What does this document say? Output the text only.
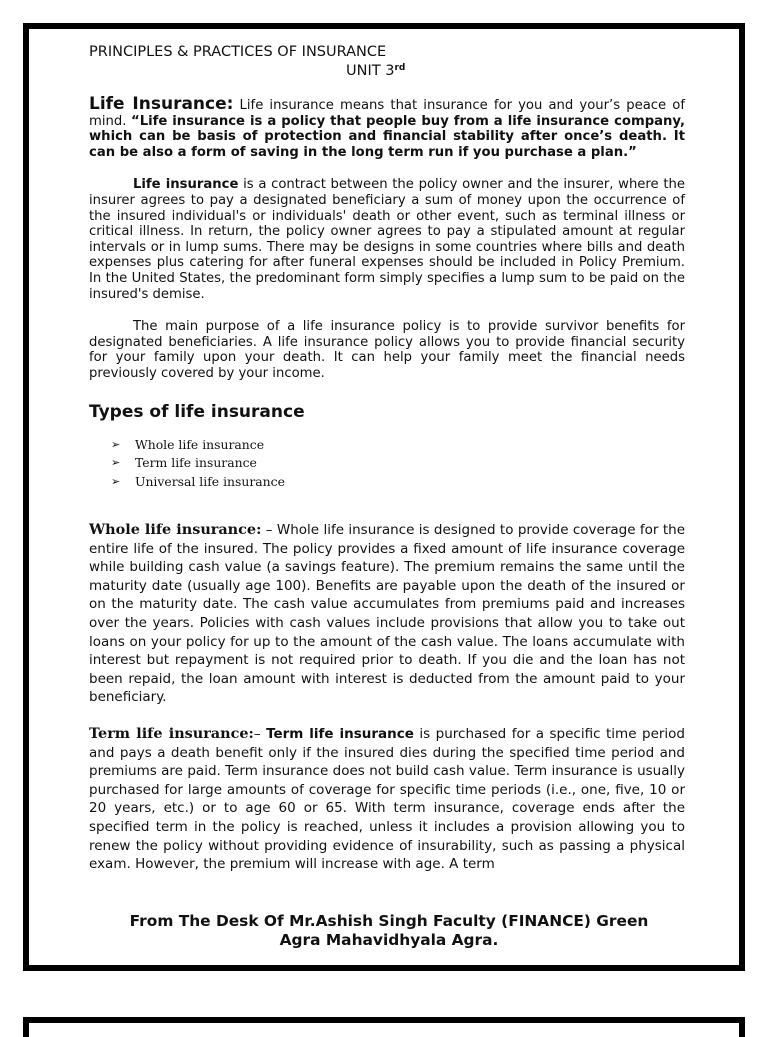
PRINCIPLES & PRACTICES OF INSURANCE
UNIT 3rd
Life Insurance: Life insurance means that insurance for you and your’s peace of mind. “Life insurance is a policy that people buy from a life insurance company, which can be basis of protection and financial stability after once’s death. It can be also a form of saving in the long term run if you purchase a plan.”
Life insurance is a contract between the policy owner and the insurer, where the insurer agrees to pay a designated beneficiary a sum of money upon the occurrence of the insured individual's or individuals' death or other event, such as terminal illness or critical illness. In return, the policy owner agrees to pay a stipulated amount at regular intervals or in lump sums. There may be designs in some countries where bills and death expenses plus catering for after funeral expenses should be included in Policy Premium. In the United States, the predominant form simply specifies a lump sum to be paid on the insured's demise.
The main purpose of a life insurance policy is to provide survivor benefits for designated beneficiaries. A life insurance policy allows you to provide financial security for your family upon your death. It can help your family meet the financial needs previously covered by your income.
Types of life insurance
➢	Whole life insurance
➢	Term life insurance
➢	Universal life insurance
Whole life insurance: – Whole life insurance is designed to provide coverage for the entire life of the insured. The policy provides a fixed amount of life insurance coverage while building cash value (a savings feature). The premium remains the same until the maturity date (usually age 100). Benefits are payable upon the death of the insured or on the maturity date. The cash value accumulates from premiums paid and increases over the years. Policies with cash values include provisions that allow you to take out loans on your policy for up to the amount of the cash value. The loans accumulate with interest but repayment is not required prior to death. If you die and the loan has not been repaid, the loan amount with interest is deducted from the amount paid to your beneficiary.
Term life insurance:– Term life insurance is purchased for a specific time period and pays a death benefit only if the insured dies during the specified time period and premiums are paid. Term insurance does not build cash value. Term insurance is usually purchased for large amounts of coverage for specific time periods (i.e., one, five, 10 or 20 years, etc.) or to age 60 or 65. With term insurance, coverage ends after the specified term in the policy is reached, unless it includes a provision allowing you to renew the policy without providing evidence of insurability, such as passing a physical exam. However, the premium will increase with age. A term
From The Desk Of Mr.Ashish Singh Faculty (FINANCE) Green
Agra Mahavidhyala Agra.
